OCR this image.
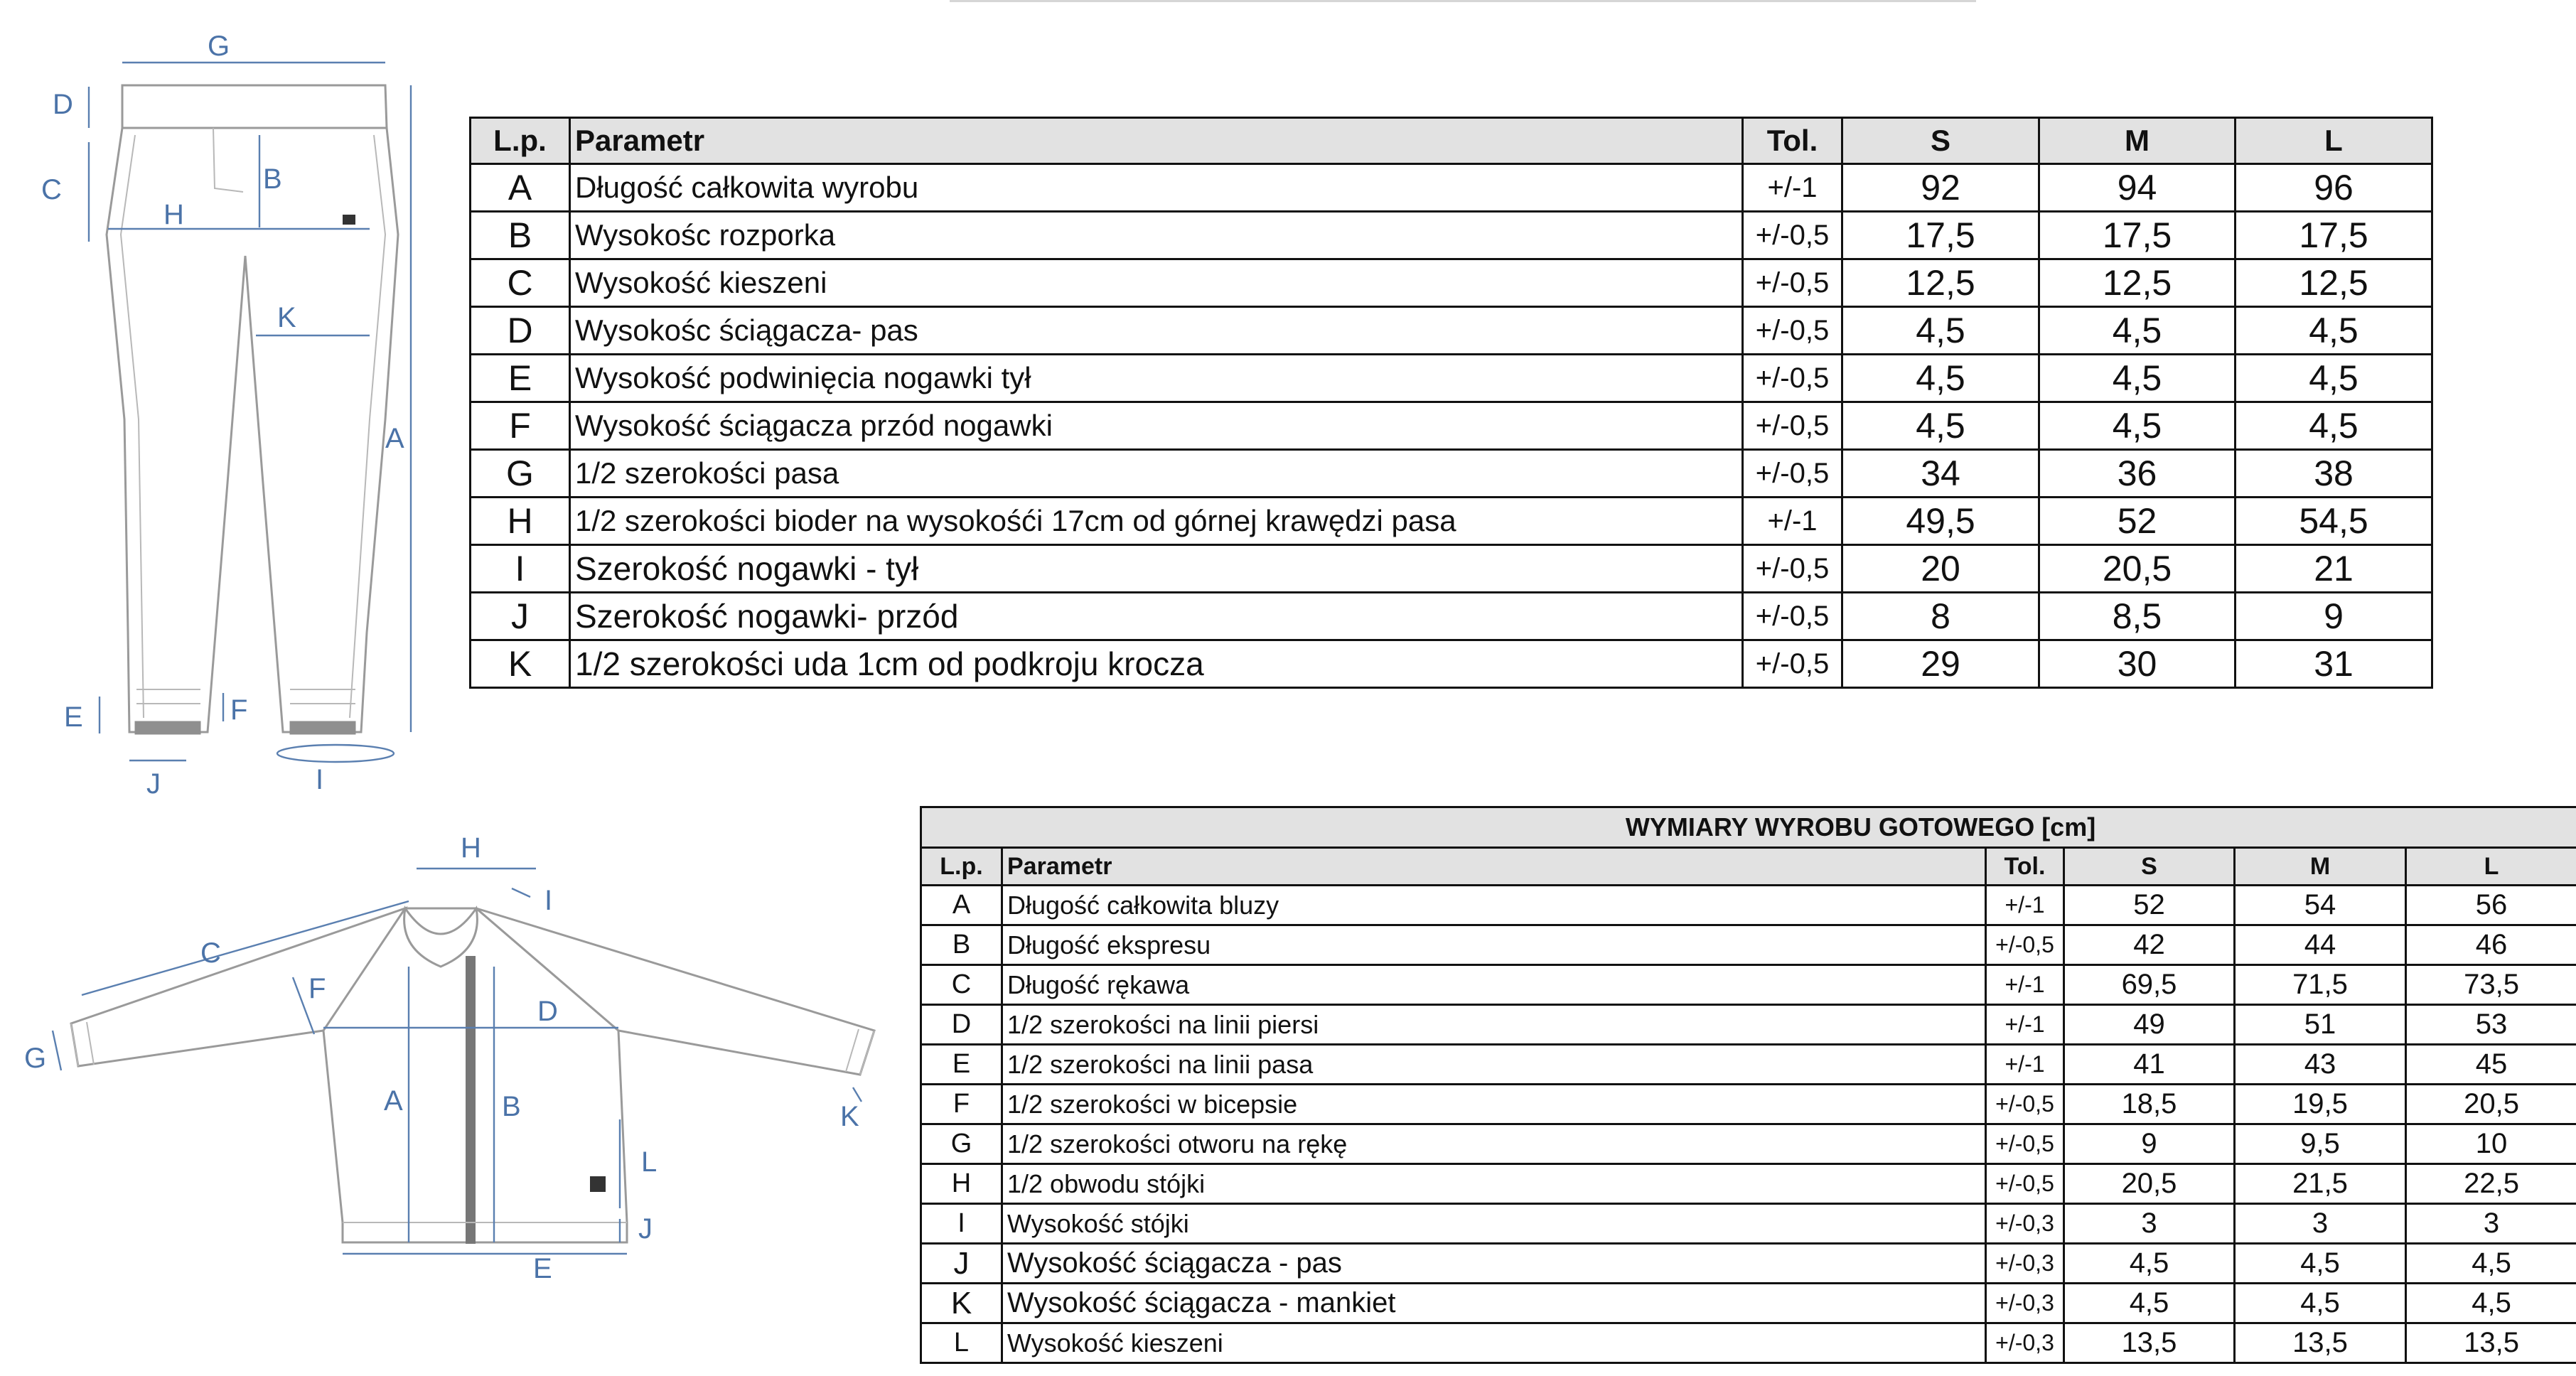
G
D
C	B
H
K
A
E	F
J	I
L.p.	Parametr	Tol.	S	M	L
A	Długość całkowita wyrobu	+/-1	92	94	96
B	Wysokośc rozporka	+/-0,5	17,5	17,5	17,5
C	Wysokość kieszeni	+/-0,5	12,5	12,5	12,5
D	Wysokośc ściągacza- pas	+/-0,5	4,5	4,5	4,5
E	Wysokość podwinięcia nogawki tył	+/-0,5	4,5	4,5	4,5
F	Wysokość ściągacza przód nogawki	+/-0,5	4,5	4,5	4,5
G	1/2 szerokości pasa	+/-0,5	34	36	38
H	1/2 szerokości bioder na wysokośći 17cm od górnej krawędzi pasa	+/-1	49,5	52	54,5
I	Szerokość nogawki - tył	+/-0,5	20	20,5	21
J	Szerokość nogawki- przód	+/-0,5	8	8,5	9
K	1/2 szerokości uda 1cm od podkroju krocza	+/-0,5	29	30	31
H
I
C
F
D
G
A	B
L
J
K
E
WYMIARY WYROBU GOTOWEGO [cm]					
L.p.	Parametr	Tol.	S	M	L
A	Długość całkowita bluzy	+/-1	52	54	56
B	Długość ekspresu	+/-0,5	42	44	46
C	Długość rękawa	+/-1	69,5	71,5	73,5
D	1/2 szerokości na linii piersi	+/-1	49	51	53
E	1/2 szerokości na linii pasa	+/-1	41	43	45
F	1/2 szerokości w bicepsie	+/-0,5	18,5	19,5	20,5
G	1/2 szerokości otworu na rękę	+/-0,5	9	9,5	10
H	1/2 obwodu stójki	+/-0,5	20,5	21,5	22,5
I	Wysokość stójki	+/-0,3	3	3	3
J	Wysokość ściągacza - pas	+/-0,3	4,5	4,5	4,5
K	Wysokość ściągacza - mankiet	+/-0,3	4,5	4,5	4,5
L	Wysokość kieszeni	+/-0,3	13,5	13,5	13,5
